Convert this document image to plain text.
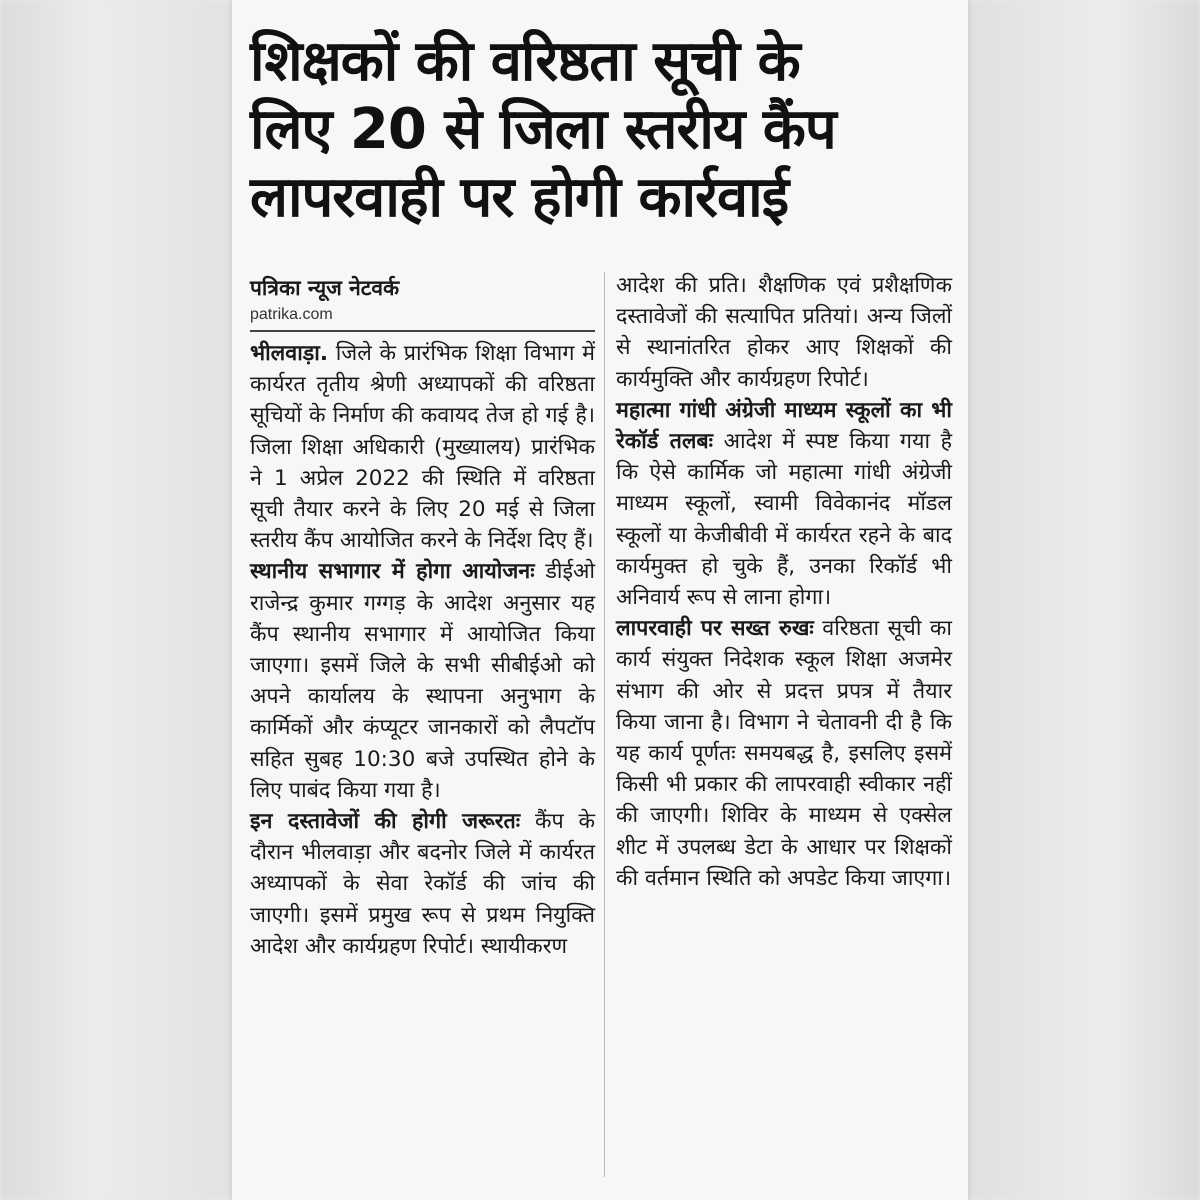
शिक्षकों की वरिष्ठता सूची के
लिए 20 से जिला स्तरीय कैंप
लापरवाही पर होगी कार्रवाई

पत्रिका न्यूज नेटवर्क

patrika.com

भीलवाड़ा. जिले के प्रारंभिक शिक्षा विभाग में कार्यरत तृतीय श्रेणी अध्यापकों की वरिष्ठता सूचियों के निर्माण की कवायद तेज हो गई है। जिला शिक्षा अधिकारी (मुख्यालय) प्रारंभिक ने 1 अप्रेल 2022 की स्थिति में वरिष्ठता सूची तैयार करने के लिए 20 मई से जिला स्तरीय कैंप आयोजित करने के निर्देश दिए हैं।

स्थानीय सभागार में होगा आयोजनः डीईओ राजेन्द्र कुमार गग्गड़ के आदेश अनुसार यह कैंप स्थानीय सभागार में आयोजित किया जाएगा। इसमें जिले के सभी सीबीईओ को अपने कार्यालय के स्थापना अनुभाग के कार्मिकों और कंप्यूटर जानकारों को लैपटॉप सहित सुबह 10:30 बजे उपस्थित होने के लिए पाबंद किया गया है।

इन दस्तावेजों की होगी जरूरतः कैंप के दौरान भीलवाड़ा और बदनोर जिले में कार्यरत अध्यापकों के सेवा रेकॉर्ड की जांच की जाएगी। इसमें प्रमुख रूप से प्रथम नियुक्ति आदेश और कार्यग्रहण रिपोर्ट। स्थायीकरण

आदेश की प्रति। शैक्षणिक एवं प्रशैक्षणिक दस्तावेजों की सत्यापित प्रतियां। अन्य जिलों से स्थानांतरित होकर आए शिक्षकों की कार्यमुक्ति और कार्यग्रहण रिपोर्ट।

महात्मा गांधी अंग्रेजी माध्यम स्कूलों का भी रेकॉर्ड तलबः आदेश में स्पष्ट किया गया है कि ऐसे कार्मिक जो महात्मा गांधी अंग्रेजी माध्यम स्कूलों, स्वामी विवेकानंद मॉडल स्कूलों या केजीबीवी में कार्यरत रहने के बाद कार्यमुक्त हो चुके हैं, उनका रिकॉर्ड भी अनिवार्य रूप से लाना होगा।

लापरवाही पर सख्त रुखः वरिष्ठता सूची का कार्य संयुक्त निदेशक स्कूल शिक्षा अजमेर संभाग की ओर से प्रदत्त प्रपत्र में तैयार किया जाना है। विभाग ने चेतावनी दी है कि यह कार्य पूर्णतः समयबद्ध है, इसलिए इसमें किसी भी प्रकार की लापरवाही स्वीकार नहीं की जाएगी। शिविर के माध्यम से एक्सेल शीट में उपलब्ध डेटा के आधार पर शिक्षकों की वर्तमान स्थिति को अपडेट किया जाएगा।
